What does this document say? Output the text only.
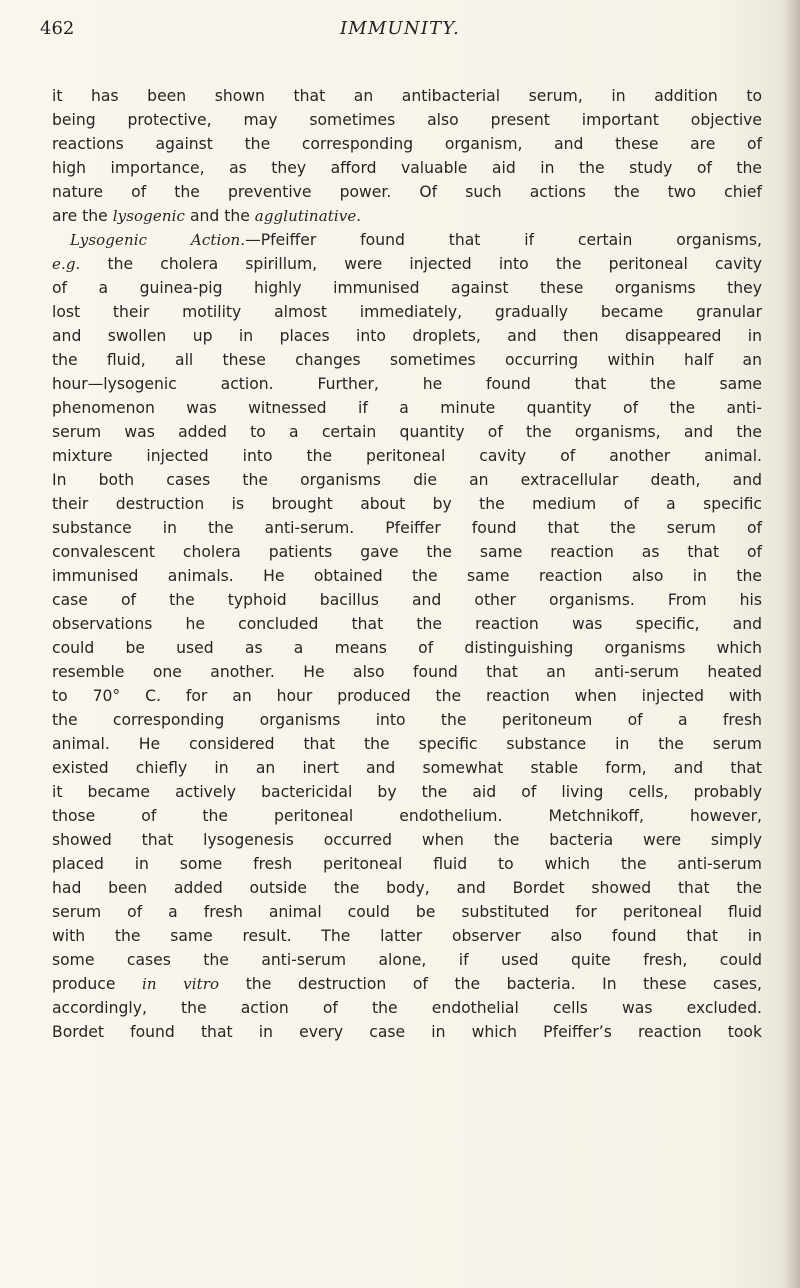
462	IMMUNITY.
it has been shown that an antibacterial serum, in addition to
being protective, may sometimes also present important objective
reactions against the corresponding organism, and these are of
high importance, as they afford valuable aid in the study of the
nature of the preventive power. Of such actions the two chief
are the lysogenic and the agglutinative.
Lysogenic Action.—Pfeiffer found that if certain organisms,
e.g. the cholera spirillum, were injected into the peritoneal cavity
of a guinea-pig highly immunised against these organisms they
lost their motility almost immediately, gradually became granular
and swollen up in places into droplets, and then disappeared in
the fluid, all these changes sometimes occurring within half an
hour—lysogenic action. Further, he found that the same
phenomenon was witnessed if a minute quantity of the anti-
serum was added to a certain quantity of the organisms, and the
mixture injected into the peritoneal cavity of another animal.
In both cases the organisms die an extracellular death, and
their destruction is brought about by the medium of a specific
substance in the anti-serum. Pfeiffer found that the serum of
convalescent cholera patients gave the same reaction as that of
immunised animals. He obtained the same reaction also in the
case of the typhoid bacillus and other organisms. From his
observations he concluded that the reaction was specific, and
could be used as a means of distinguishing organisms which
resemble one another. He also found that an anti-serum heated
to 70° C. for an hour produced the reaction when injected with
the corresponding organisms into the peritoneum of a fresh
animal. He considered that the specific substance in the serum
existed chiefly in an inert and somewhat stable form, and that
it became actively bactericidal by the aid of living cells, probably
those of the peritoneal endothelium. Metchnikoff, however,
showed that lysogenesis occurred when the bacteria were simply
placed in some fresh peritoneal fluid to which the anti-serum
had been added outside the body, and Bordet showed that the
serum of a fresh animal could be substituted for peritoneal fluid
with the same result. The latter observer also found that in
some cases the anti-serum alone, if used quite fresh, could
produce in vitro the destruction of the bacteria. In these cases,
accordingly, the action of the endothelial cells was excluded.
Bordet found that in every case in which Pfeiffer’s reaction took
